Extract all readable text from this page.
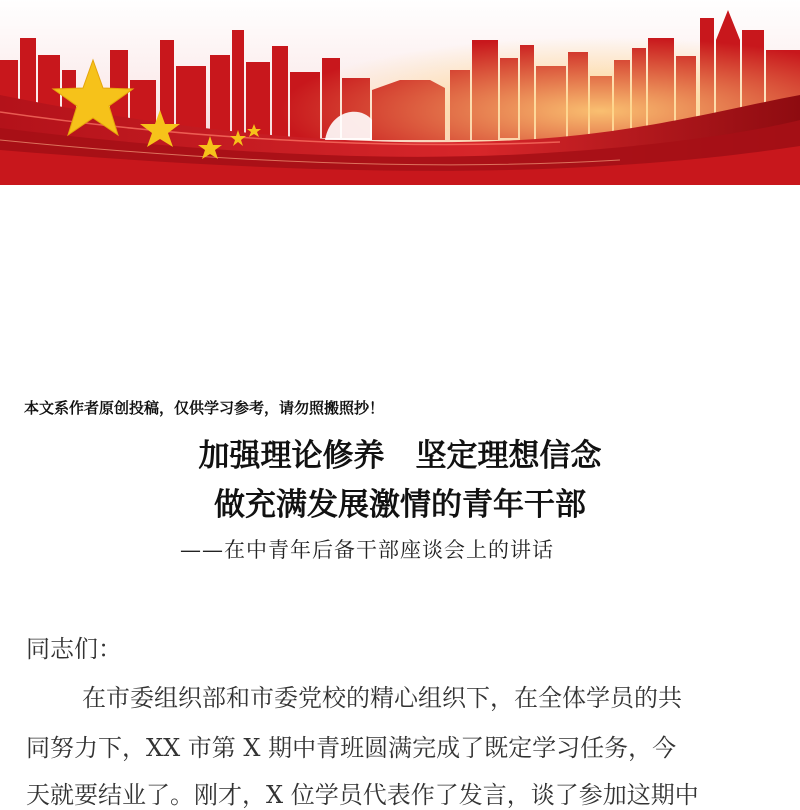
本文系作者原创投稿，仅供学习参考，请勿照搬照抄！
加强理论修养　坚定理想信念
做充满发展激情的青年干部
——在中青年后备干部座谈会上的讲话
同志们：
在市委组织部和市委党校的精心组织下，在全体学员的共
同努力下，XX 市第 X 期中青班圆满完成了既定学习任务，今
天就要结业了。刚才，X 位学员代表作了发言，谈了参加这期中
